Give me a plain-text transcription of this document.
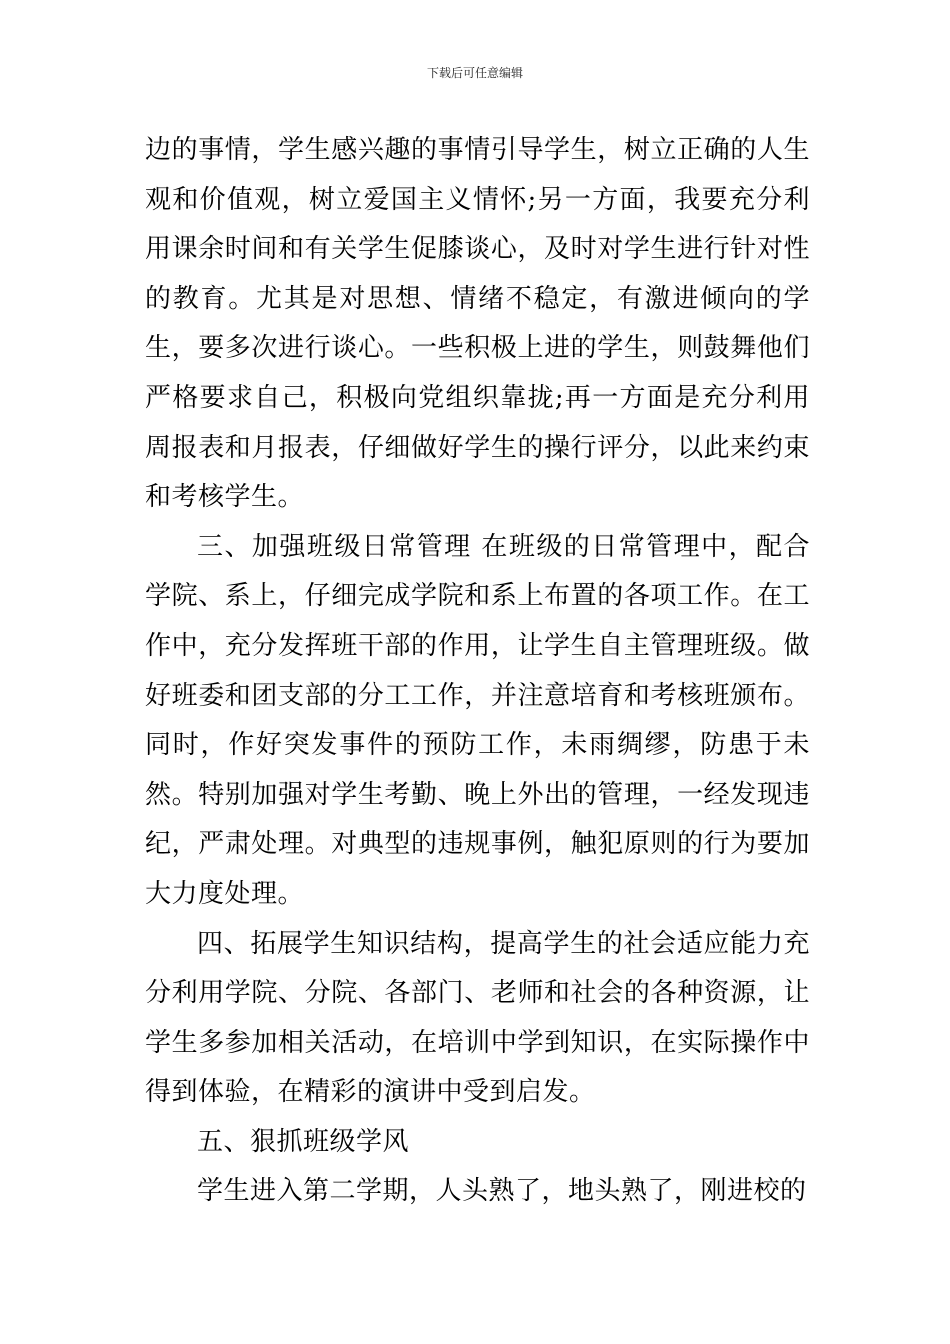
下载后可任意编辑

边的事情，学生感兴趣的事情引导学生，树立正确的人生观和价值观，树立爱国主义情怀;另一方面，我要充分利用课余时间和有关学生促膝谈心，及时对学生进行针对性的教育。尤其是对思想、情绪不稳定，有激进倾向的学生，要多次进行谈心。一些积极上进的学生，则鼓舞他们严格要求自己，积极向党组织靠拢;再一方面是充分利用周报表和月报表，仔细做好学生的操行评分，以此来约束和考核学生。

三、加强班级日常管理 在班级的日常管理中，配合学院、系上，仔细完成学院和系上布置的各项工作。在工作中，充分发挥班干部的作用，让学生自主管理班级。做好班委和团支部的分工工作，并注意培育和考核班颁布。同时，作好突发事件的预防工作，未雨绸缪，防患于未然。特别加强对学生考勤、晚上外出的管理，一经发现违纪，严肃处理。对典型的违规事例，触犯原则的行为要加大力度处理。

四、拓展学生知识结构，提高学生的社会适应能力充分利用学院、分院、各部门、老师和社会的各种资源，让学生多参加相关活动，在培训中学到知识，在实际操作中得到体验，在精彩的演讲中受到启发。

五、狠抓班级学风

学生进入第二学期，人头熟了，地头熟了，刚进校的
